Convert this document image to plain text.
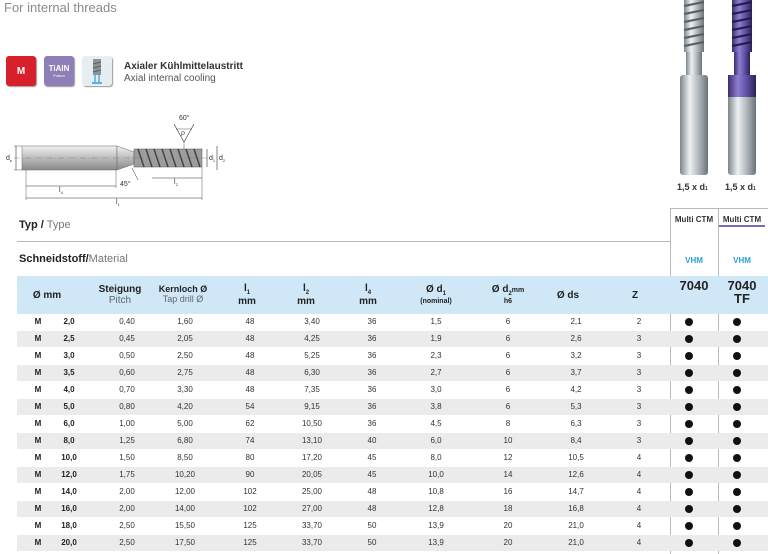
For internal threads
M	TiAlN
Futura
Axialer Kühlmittelaustritt
Axial internal cooling
$d_s$	$d_1$ $d_2$
$l_4$
$l_2$
$l_1$
45°
60°
P
1,5 x d1 1,5 x d1
Typ / Type
Schneidstoff/Material
Multi CTM	Multi CTM
VHM	VHM
Ø mm	Steigung
Pitch
Kernloch Ø
Tap drill Ø
$l_1$
mm
$l_2$
mm
$l_4$
mm
Ø $d_1$
(nominal)
Ø $d_2mm$
h6
Ø ds	Z
7040	7040
TF
M	2,0	0,40	1,60	48	3,40	36	1,5	6	2,1	2
M	2,5	0,45	2,05	48	4,25	36	1,9	6	2,6	3
M	3,0	0,50	2,50	48	5,25	36	2,3	6	3,2	3
M	3,5	0,60	2,75	48	6,30	36	2,7	6	3,7	3
M	4,0	0,70	3,30	48	7,35	36	3,0	6	4,2	3
M	5,0	0,80	4,20	54	9,15	36	3,8	6	5,3	3
M	6,0	1,00	5,00	62	10,50	36	4,5	8	6,3	3
M	8,0	1,25	6,80	74	13,10	40	6,0	10	8,4	3
M	10,0	1,50	8,50	80	17,20	45	8,0	12	10,5	4
M	12,0	1,75	10,20	90	20,05	45	10,0	14	12,6	4
M	14,0	2,00	12,00	102	25,00	48	10,8	16	14,7	4
M	16,0	2,00	14,00	102	27,00	48	12,8	18	16,8	4
M	18,0	2,50	15,50	125	33,70	50	13,9	20	21,0	4
M	20,0	2,50	17,50	125	33,70	50	13,9	20	21,0	4
